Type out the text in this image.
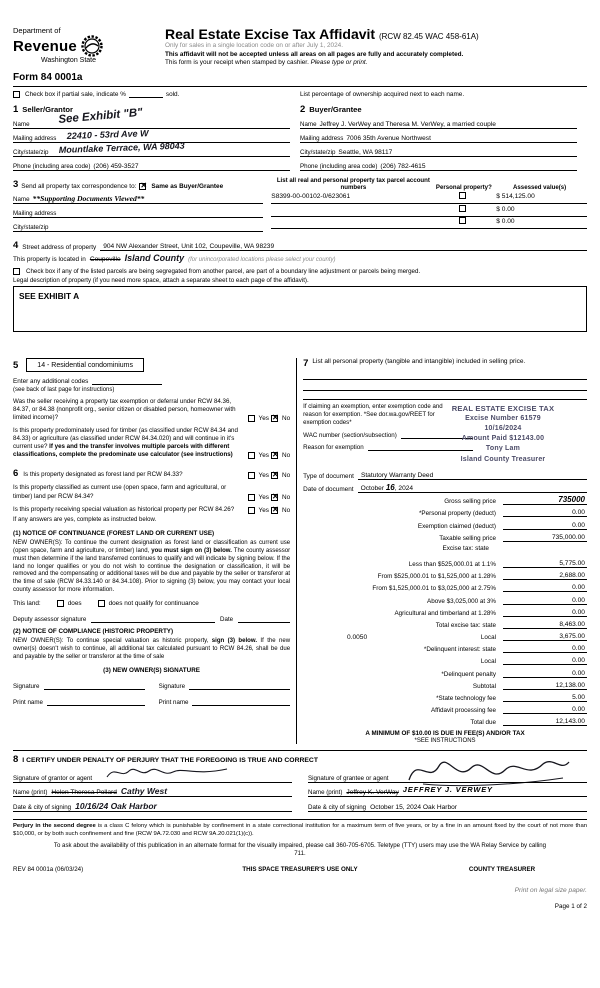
Department of
Revenue
Washington State
Form 84 0001a
Real Estate Excise Tax Affidavit (RCW 82.45 WAC 458-61A)
Only for sales in a single location code on or after July 1, 2024.
This affidavit will not be accepted unless all areas on all pages are fully and accurately completed.
This form is your receipt when stamped by cashier. Please type or print.
Check box if partial sale, indicate %	sold.	List percentage of ownership acquired next to each name.
1 Seller/Grantor
Name See Exhibit "B"
Mailing address 22410 - 53rd Ave W
City/state/zip Mountlake Terrace, WA 98043
Phone (including area code) (206) 459-3527
2 Buyer/Grantee
Name Jeffrey J. VerWey and Theresa M. VerWey, a married couple
Mailing address 7006 35th Avenue Northwest
City/state/zip Seattle, WA 98117
Phone (including area code) (206) 782-4615
3 Send all property tax correspondence to: ✕ Same as Buyer/Grantee
Name **Supporting Documents Viewed**
Mailing address
City/state/zip
List all real and personal property tax parcel account numbers	Personal property?	Assessed value(s)
S8399-00-00102-0/623061	$ 514,125.00
$ 0.00
$ 0.00
4 Street address of property	904 NW Alexander Street, Unit 102, Coupeville, WA 98239
This property is located in Coupeville Island County (for unincorporated locations please select your county)
Check box if any of the listed parcels are being segregated from another parcel, are part of a boundary line adjustment or parcels being merged.
Legal description of property (if you need more space, attach a separate sheet to each page of the affidavit).
SEE EXHIBIT A
5	14 - Residential condominiums
Enter any additional codes
(see back of last page for instructions)
Was the seller receiving a property tax exemption or deferral under RCW 84.36, 84.37, or 84.38 (nonprofit org., senior citizen or disabled person, homeowner with limited income)?	Yes ✕ No
Is this property predominately used for timber (as classified under RCW 84.34 and 84.33) or agriculture (as classified under RCW 84.34.020) and will continue in it's current use? If yes and the transfer involves multiple parcels with different classifications, complete the predominate use calculator (see instructions)	Yes ✕ No
6 Is this property designated as forest land per RCW 84.33?	Yes ✕ No
Is this property classified as current use (open space, farm and agricultural, or timber) land per RCW 84.34?	Yes ✕ No
Is this property receiving special valuation as historical property per RCW 84.26?	Yes ✕ No
If any answers are yes, complete as instructed below.
(1) NOTICE OF CONTINUANCE (FOREST LAND OR CURRENT USE)
NEW OWNER(S): To continue the current designation as forest land or classification as current use (open space, farm and agriculture, or timber) land, you must sign on (3) below. The county assessor must then determine if the land transferred continues to qualify and will indicate by signing below. If the land no longer qualifies or you do not wish to continue the designation or classification, it will be removed and the compensating or additional taxes will be due and payable by the seller or transferor at the time of sale (RCW 84.33.140 or 84.34.108). Prior to signing (3) below, you may contact your local county assessor for more information.
This land:	does	does not qualify for continuance
Deputy assessor signature	Date
(2) NOTICE OF COMPLIANCE (HISTORIC PROPERTY)
NEW OWNER(S): To continue special valuation as historic property, sign (3) below. If the new owner(s) doesn't wish to continue, all additional tax calculated pursuant to RCW 84.26, shall be due and payable by the seller or transferor at the time of sale
(3) NEW OWNER(S) SIGNATURE
Signature	Signature
Print name	Print name
7 List all personal property (tangible and intangible) included in selling price.
If claiming an exemption, enter exemption code and reason for exemption. *See dor.wa.gov/REET for exemption codes*
WAC number (section/subsection)
Reason for exemption
REAL ESTATE EXCISE TAX
Excise Number 61579
10/16/2024
Amount Paid $12143.00
Tony Lam
Island County Treasurer
Type of document	Statutory Warranty Deed
Date of document	October 16, 2024
Gross selling price	735000
*Personal property (deduct)	0.00
Exemption claimed (deduct)	0.00
Taxable selling price	735,000.00
Excise tax: state
Less than $525,000.01 at 1.1%	5,775.00
From $525,000.01 to $1,525,000 at 1.28%	2,688.00
From $1,525,000.01 to $3,025,000 at 2.75%	0.00
Above $3,025,000 at 3%	0.00
Agricultural and timberland at 1.28%	0.00
Total excise tax: state	8,463.00
0.0050	Local	3,675.00
*Delinquent interest: state	0.00
Local	0.00
*Delinquent penalty	0.00
Subtotal	12,138.00
*State technology fee	5.00
Affidavit processing fee	0.00
Total due	12,143.00
A MINIMUM OF $10.00 IS DUE IN FEE(S) AND/OR TAX
*SEE INSTRUCTIONS
8 I CERTIFY UNDER PENALTY OF PERJURY THAT THE FOREGOING IS TRUE AND CORRECT
Signature of grantor or agent
Name (print) Helen Theresa Pollard Cathy West
Date & city of signing 10/16/24 Oak Harbor
Signature of grantee or agent
Name (print) Jeffrey K. VerWay JEFFREY J. VERWEY
Date & city of signing October 15, 2024 Oak Harbor
Perjury in the second degree is a class C felony which is punishable by confinement in a state correctional institution for a maximum term of five years, or by a fine in an amount fixed by the court of not more than $10,000, or by both such confinement and fine (RCW 9A.72.030 and RCW 9A.20.021(1)(c)).
To ask about the availability of this publication in an alternate format for the visually impaired, please call 360-705-6705. Teletype (TTY) users may use the WA Relay Service by calling 711.
REV 84 0001a (06/03/24)	THIS SPACE TREASURER'S USE ONLY	COUNTY TREASURER
Print on legal size paper.
Page 1 of 2
